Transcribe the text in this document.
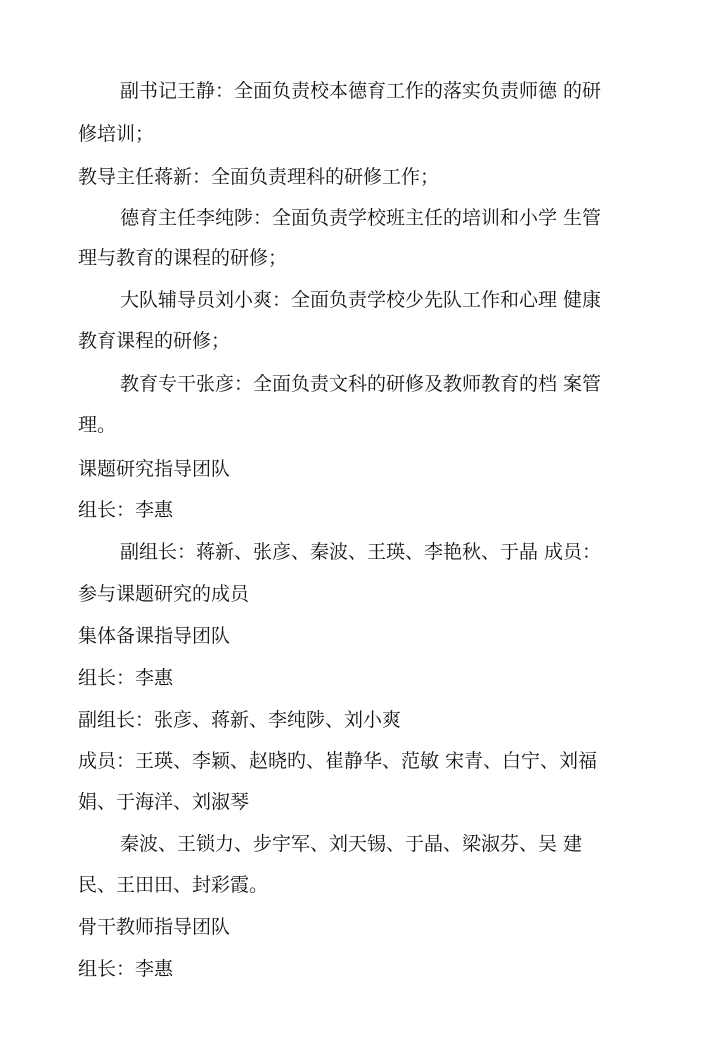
副书记王静：全面负责校本德育工作的落实负责师德 的研
修培训；
教导主任蒋新：全面负责理科的研修工作；
德育主任李纯陟：全面负责学校班主任的培训和小学 生管
理与教育的课程的研修；
大队辅导员刘小爽：全面负责学校少先队工作和心理 健康
教育课程的研修；
教育专干张彦：全面负责文科的研修及教师教育的档 案管
理。
课题研究指导团队
组长：李惠
副组长：蒋新、张彦、秦波、王瑛、李艳秋、于晶 成员：
参与课题研究的成员
集体备课指导团队
组长：李惠
副组长：张彦、蒋新、李纯陟、刘小爽
成员：王瑛、李颖、赵晓旳、崔静华、范敏 宋青、白宁、刘福
娟、于海洋、刘淑琴
秦波、王锁力、步宇军、刘天锡、于晶、梁淑芬、吴 建
民、王田田、封彩霞。
骨干教师指导团队
组长：李惠
